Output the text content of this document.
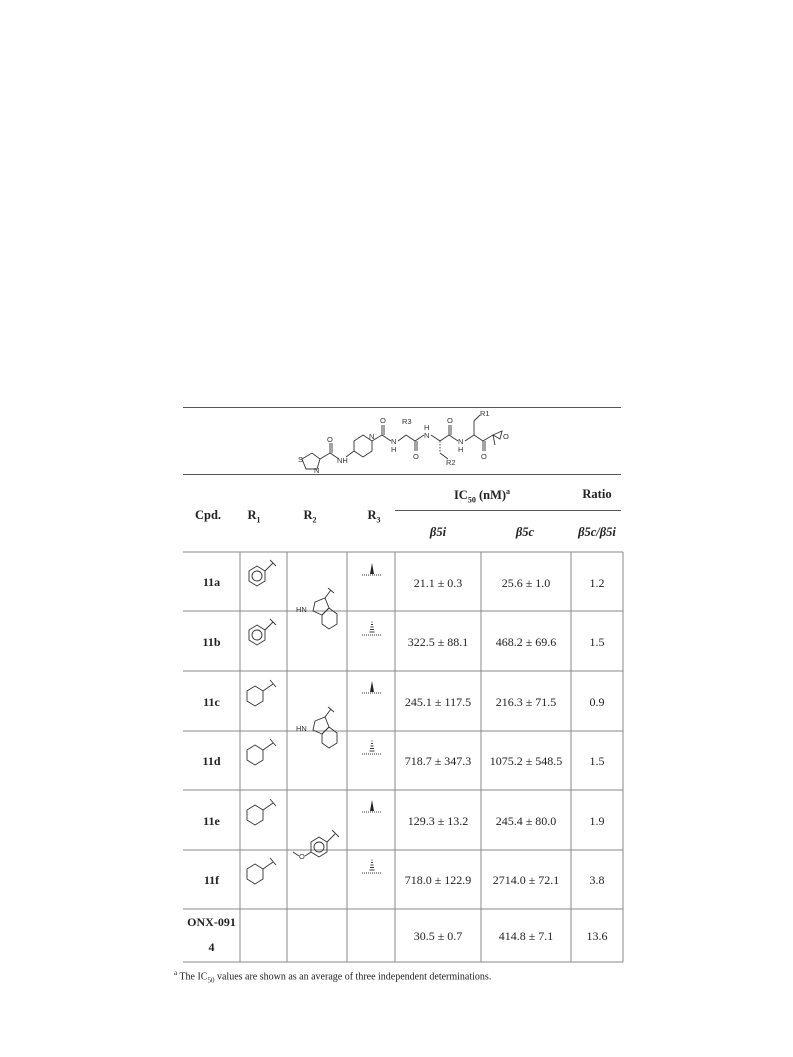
S
N
NH
O	N
O
N
H
R3
O
H
N
O
R2
N
H
R1
O
O
Cpd.	$R_1$	$R_2$	$R_3$
$IC_{50}$ (nM)$^a$	Ratio
β5i	β5c	β5c/β5i
11a	21.1 ± 0.3	25.6 ± 1.0	1.2
11b	322.5 ± 88.1	468.2 ± 69.6	1.5
HN
11c	245.1 ± 117.5	216.3 ± 71.5	0.9
11d	718.7 ± 347.3	1075.2 ± 548.5	1.5
HN
11e	129.3 ± 13.2	245.4 ± 80.0	1.9
11f	718.0 ± 122.9	2714.0 ± 72.1	3.8
O
ONX-091
4
30.5 ± 0.7	414.8 ± 7.1	13.6
$^a$ The $IC_{50}$ values are shown as an average of three independent determinations.
